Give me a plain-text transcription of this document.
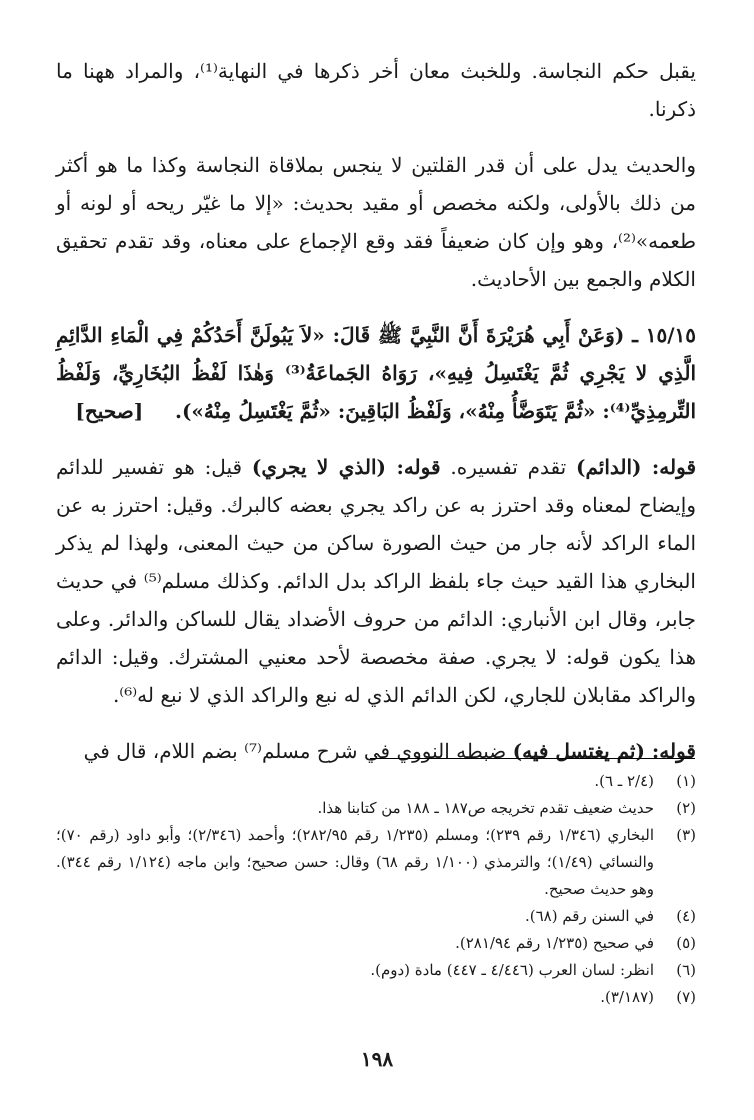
يقبل حكم النجاسة. وللخبث معان أخر ذكرها في النهاية⁽¹⁾، والمراد ههنا ما ذكرنا.

والحديث يدل على أن قدر القلتين لا ينجس بملاقاة النجاسة وكذا ما هو أكثر من ذلك بالأولى، ولكنه مخصص أو مقيد بحديث: «إلا ما غيّر ريحه أو لونه أو طعمه»⁽²⁾، وهو وإن كان ضعيفاً فقد وقع الإجماع على معناه، وقد تقدم تحقيق الكلام والجمع بين الأحاديث.

١٥/١٥ ـ (وَعَنْ أَبِي هُرَيْرَةَ أَنَّ النَّبِيَّ ﷺ قَالَ: «لاَ يَبُولَنَّ أَحَدُكُمْ فِي الْمَاءِ الدَّائِمِ الَّذِي لا يَجْرِي ثُمَّ يَغْتَسِلُ فِيهِ»، رَوَاهُ الجَماعَةُ⁽³⁾ وَهٰذَا لَفْظُ البُخَارِيِّ، وَلَفْظُ التِّرمِذِيِّ⁽⁴⁾: «ثُمَّ يَتَوَضَّأُ مِنْهُ»، وَلَفْظُ البَاقِينَ: «ثُمَّ يَغْتَسِلُ مِنْهُ»).     [صحيح]

قوله: (الدائم) تقدم تفسيره. قوله: (الذي لا يجري) قيل: هو تفسير للدائم وإيضاح لمعناه وقد احترز به عن راكد يجري بعضه كالبرك. وقيل: احترز به عن الماء الراكد لأنه جار من حيث الصورة ساكن من حيث المعنى، ولهذا لم يذكر البخاري هذا القيد حيث جاء بلفظ الراكد بدل الدائم. وكذلك مسلم⁽⁵⁾ في حديث جابر، وقال ابن الأنباري: الدائم من حروف الأضداد يقال للساكن والدائر. وعلى هذا يكون قوله: لا يجري. صفة مخصصة لأحد معنيي المشترك. وقيل: الدائم والراكد مقابلان للجاري، لكن الدائم الذي له نبع والراكد الذي لا نبع له⁽⁶⁾.

قوله: (ثم يغتسل فيه) ضبطه النووي في شرح مسلم⁽⁷⁾ بضم اللام، قال في

(١)
(٢/٤ ـ ٦).
(٢)
حديث ضعيف تقدم تخريجه ص١٨٧ ـ ١٨٨ من كتابنا هذا.
(٣)
البخاري (١/٣٤٦ رقم ٢٣٩)؛ ومسلم (١/٢٣٥ رقم ٢٨٢/٩٥)؛ وأحمد (٢/٣٤٦)؛ وأبو داود (رقم ٧٠)؛ والنسائي (١/٤٩)؛ والترمذي (١/١٠٠ رقم ٦٨) وقال: حسن صحيح؛ وابن ماجه (١/١٢٤ رقم ٣٤٤). وهو حديث صحيح.
(٤)
في السنن رقم (٦٨).
(٥)
في صحيح (١/٢٣٥ رقم ٢٨١/٩٤).
(٦)
انظر: لسان العرب (٤/٤٤٦ ـ ٤٤٧) مادة (دوم).
(٧)
(٣/١٨٧).
١٩٨
